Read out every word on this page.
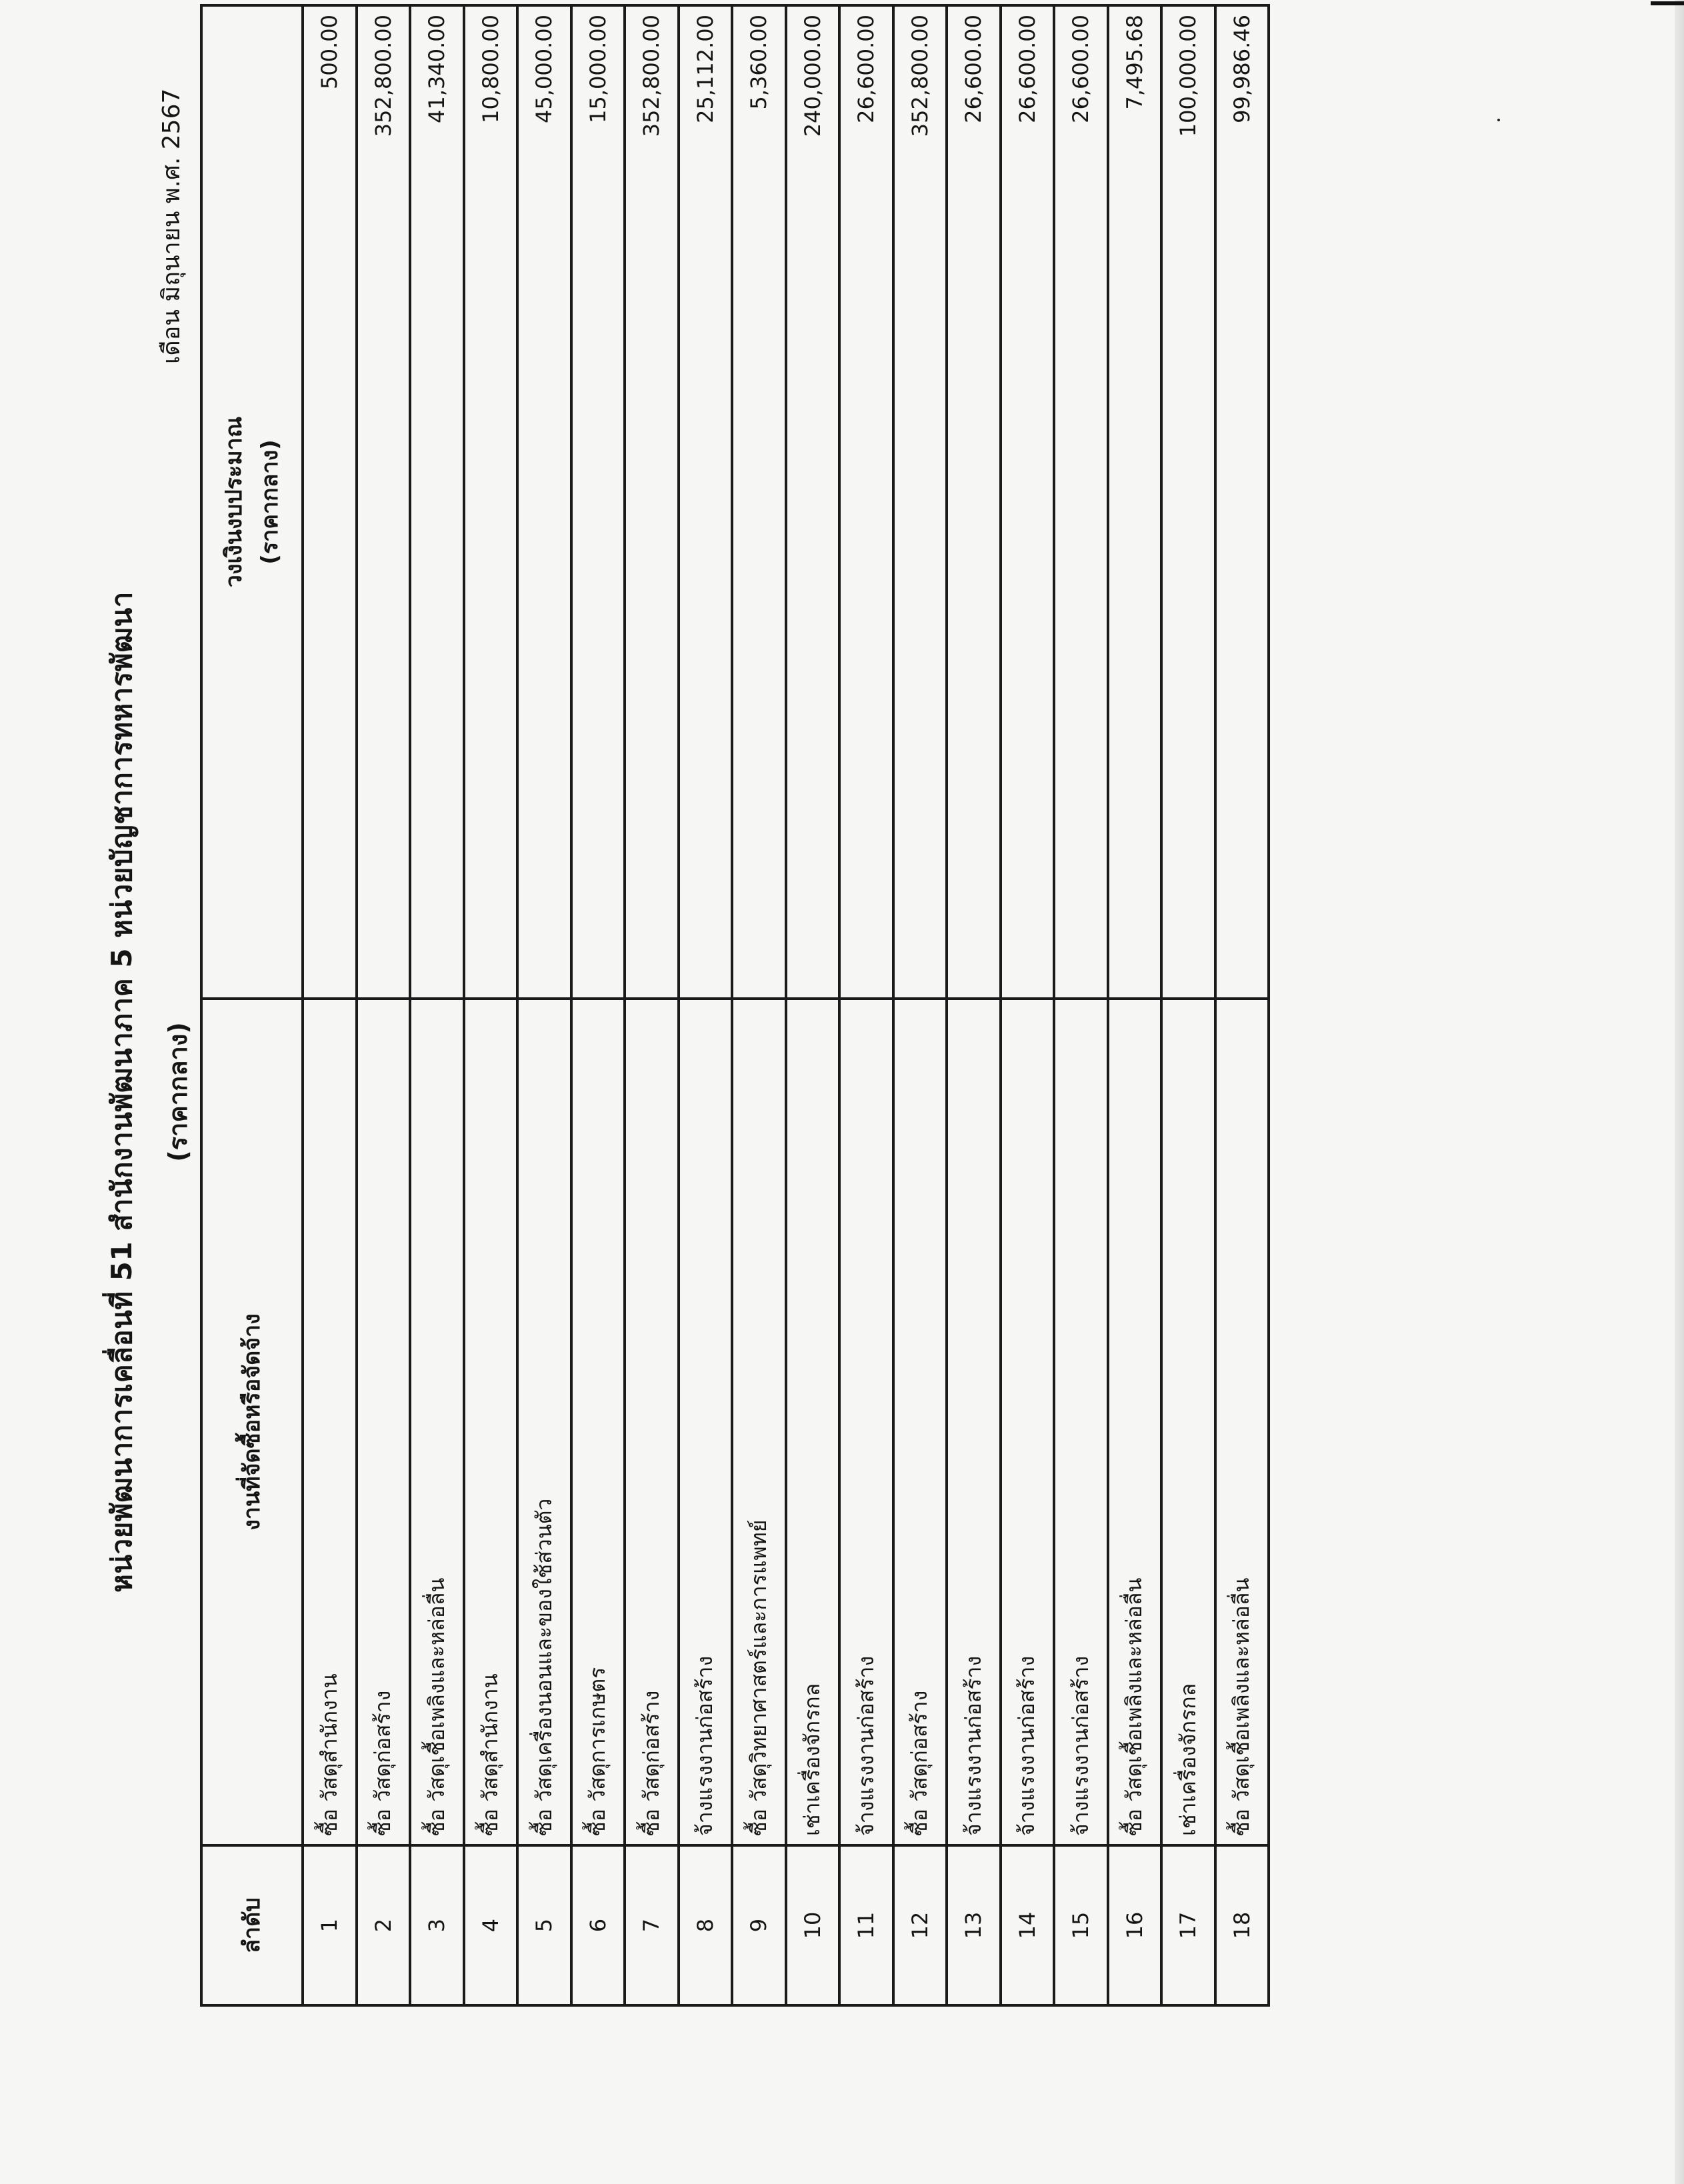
หน่วยพัฒนาการเคลื่อนที่ 51 สำนักงานพัฒนาภาค 5 หน่วยบัญชาการทหารพัฒนา (ราคากลาง)
เดือน มิถุนายน พ.ศ. 2567
ลำดับ	งานที่จัดซื้อหรือจัดจ้าง	วงเงินงบประมาณ (ราคากลาง)

1	ซื้อ วัสดุสำนักงาน	500.00
2	ซื้อ วัสดุก่อสร้าง	352,800.00
3	ซื้อ วัสดุเชื้อเพลิงและหล่อลื่น	41,340.00
4	ซื้อ วัสดุสำนักงาน	10,800.00
5	ซื้อ วัสดุเครื่องนอนและของใช้ส่วนตัว	45,000.00
6	ซื้อ วัสดุการเกษตร	15,000.00
7	ซื้อ วัสดุก่อสร้าง	352,800.00
8	จ้างแรงงานก่อสร้าง	25,112.00
9	ซื้อ วัสดุวิทยาศาสตร์และการแพทย์	5,360.00
10	เช่าเครื่องจักรกล	240,000.00
11	จ้างแรงงานก่อสร้าง	26,600.00
12	ซื้อ วัสดุก่อสร้าง	352,800.00
13	จ้างแรงงานก่อสร้าง	26,600.00
14	จ้างแรงงานก่อสร้าง	26,600.00
15	จ้างแรงงานก่อสร้าง	26,600.00
16	ซื้อ วัสดุเชื้อเพลิงและหล่อลื่น	7,495.68
17	เช่าเครื่องจักรกล	100,000.00
18	ซื้อ วัสดุเชื้อเพลิงและหล่อลื่น	99,986.46
